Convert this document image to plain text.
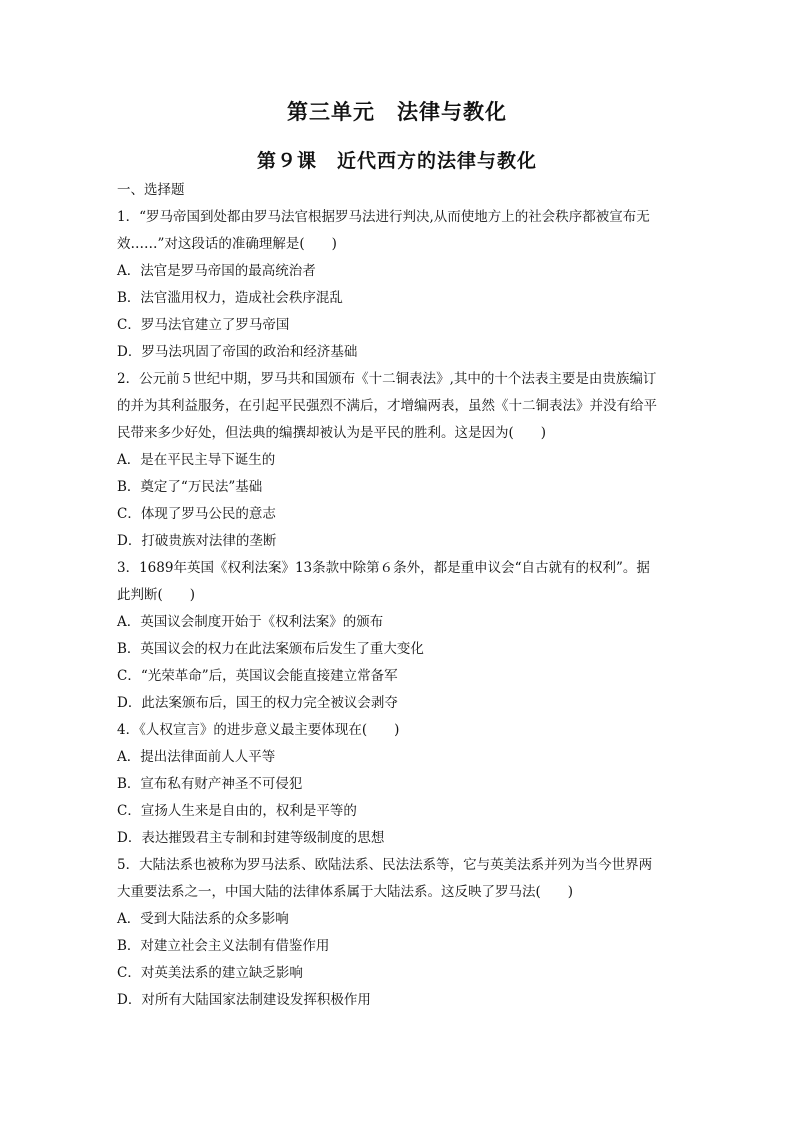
第三单元　法律与教化
第９课　近代西方的法律与教化
一、选择题
1．“罗马帝国到处都由罗马法官根据罗马法进行判决,从而使地方上的社会秩序都被宣布无
效……”对这段话的准确理解是(　　)
A．法官是罗马帝国的最高统治者
B．法官滥用权力，造成社会秩序混乱
C．罗马法官建立了罗马帝国
D．罗马法巩固了帝国的政治和经济基础
2．公元前５世纪中期，罗马共和国颁布《十二铜表法》,其中的十个法表主要是由贵族编订
的并为其利益服务，在引起平民强烈不满后，才增编两表，虽然《十二铜表法》并没有给平
民带来多少好处，但法典的编撰却被认为是平民的胜利。这是因为(　　)
A．是在平民主导下诞生的
B．奠定了“万民法”基础
C．体现了罗马公民的意志
D．打破贵族对法律的垄断
3．1689年英国《权利法案》13条款中除第６条外，都是重申议会“自古就有的权利”。据
此判断(　　)
A．英国议会制度开始于《权利法案》的颁布
B．英国议会的权力在此法案颁布后发生了重大变化
C．“光荣革命”后，英国议会能直接建立常备军
D．此法案颁布后，国王的权力完全被议会剥夺
4．《人权宣言》的进步意义最主要体现在(　　)
A．提出法律面前人人平等
B．宣布私有财产神圣不可侵犯
C．宣扬人生来是自由的，权利是平等的
D．表达摧毁君主专制和封建等级制度的思想
5．大陆法系也被称为罗马法系、欧陆法系、民法法系等，它与英美法系并列为当今世界两
大重要法系之一，中国大陆的法律体系属于大陆法系。这反映了罗马法(　　)
A．受到大陆法系的众多影响
B．对建立社会主义法制有借鉴作用
C．对英美法系的建立缺乏影响
D．对所有大陆国家法制建设发挥积极作用
